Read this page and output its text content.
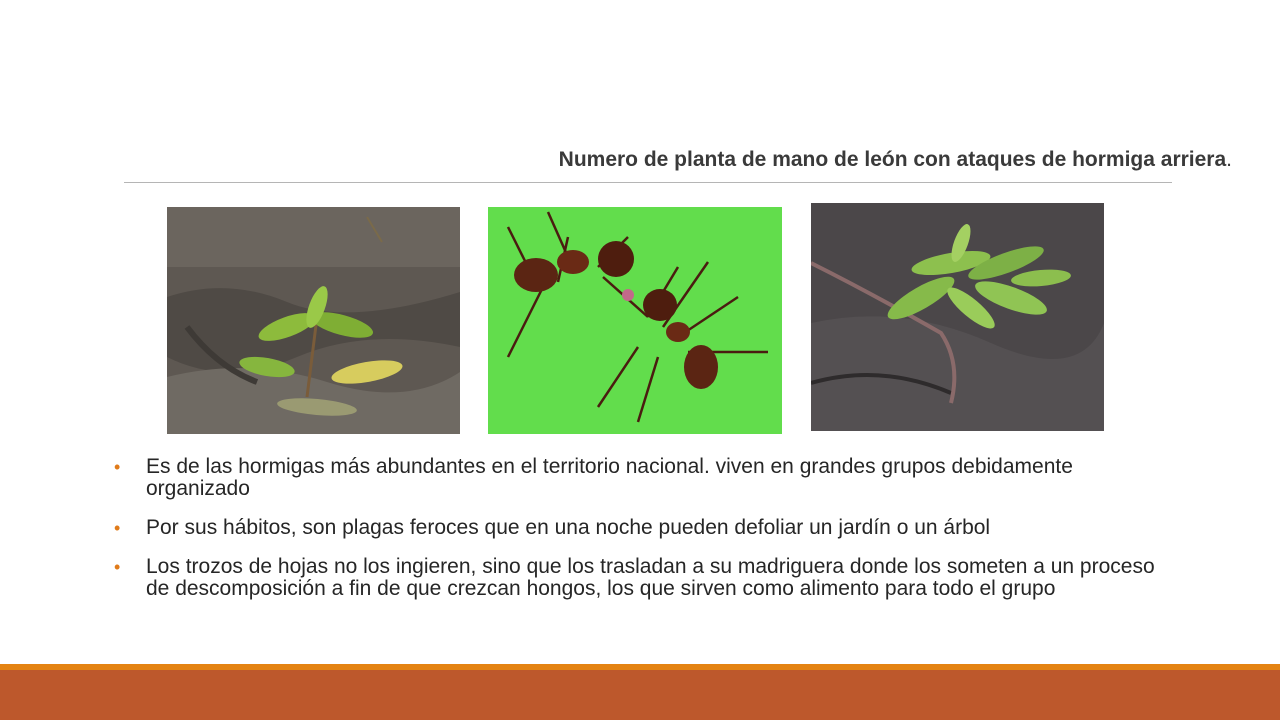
Numero de planta de mano de león con ataques de hormiga arriera.
• Es de las hormigas más abundantes en el territorio nacional. viven en grandes grupos debidamente organizado
• Por sus hábitos, son plagas feroces que en una noche pueden defoliar un jardín o un árbol
• Los trozos de hojas no los ingieren, sino que los trasladan a su madriguera donde los someten a un proceso de descomposición a fin de que crezcan hongos, los que sirven como alimento para todo el grupo
